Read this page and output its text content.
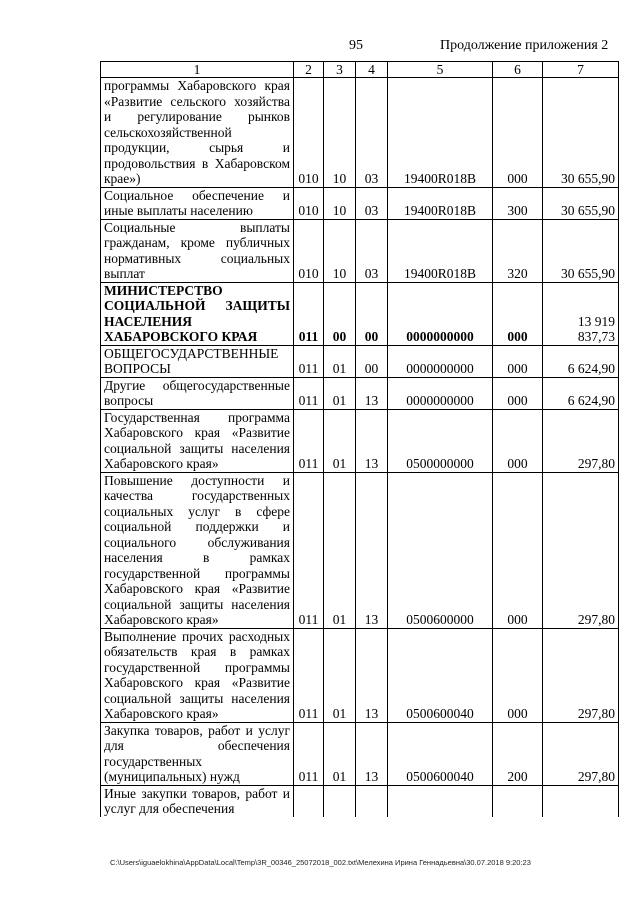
95	Продолжение приложения 2
1	2	3	4	5	6	7
программы Хабаровского края «Развитие сельского хозяйства и регулирование рынков сельскохозяйственной продукции, сырья и продовольствия в Хабаровском крае»)	010	10	03	19400R018B	000	30 655,90
Социальное обеспечение и иные выплаты населению	010	10	03	19400R018B	300	30 655,90
Социальные выплаты гражданам, кроме публичных нормативных социальных выплат	010	10	03	19400R018B	320	30 655,90
МИНИСТЕРСТВО СОЦИАЛЬНОЙ ЗАЩИТЫ НАСЕЛЕНИЯ ХАБАРОВСКОГО КРАЯ	011	00	00	0000000000	000	13 919 837,73
ОБЩЕГОСУДАРСТВЕННЫЕ ВОПРОСЫ	011	01	00	0000000000	000	6 624,90
Другие общегосударственные вопросы	011	01	13	0000000000	000	6 624,90
Государственная программа Хабаровского края «Развитие социальной защиты населения Хабаровского края»	011	01	13	0500000000	000	297,80
Повышение доступности и качества государственных социальных услуг в сфере социальной поддержки и социального обслуживания населения в рамках государственной программы Хабаровского края «Развитие социальной защиты населения Хабаровского края»	011	01	13	0500600000	000	297,80
Выполнение прочих расходных обязательств края в рамках государственной программы Хабаровского края «Развитие социальной защиты населения Хабаровского края»	011	01	13	0500600040	000	297,80
Закупка товаров, работ и услуг для обеспечения государственных (муниципальных) нужд	011	01	13	0500600040	200	297,80
Иные закупки товаров, работ и услуг для обеспечения						
C:\Users\iguaelokhina\AppData\Local\Temp\3R_00346_25072018_002.txt\Мелехина Ирина Геннадьевна\30.07.2018 9:20:23
